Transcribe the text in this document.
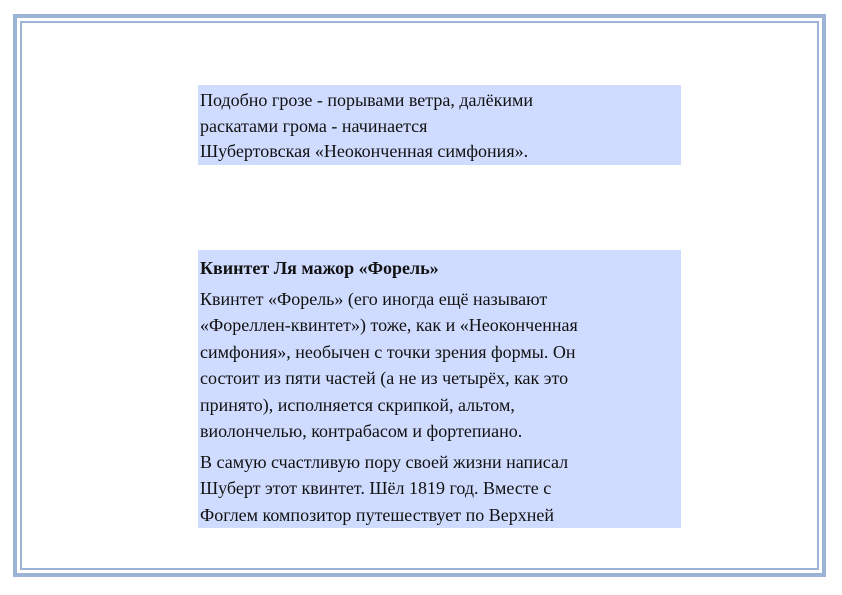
Подобно грозе - порывами ветра, далёкими
раскатами грома - начинается
Шубертовская «Неоконченная симфония».
Квинтет Ля мажор «Форель»

Квинтет «Форель» (его иногда ещё называют
«Фореллен-квинтет») тоже, как и «Неоконченная
симфония», необычен с точки зрения формы. Он
состоит из пяти частей (а не из четырёх, как это
принято), исполняется скрипкой, альтом,
виолончелью, контрабасом и фортепиано.

В самую счастливую пору своей жизни написал
Шуберт этот квинтет. Шёл 1819 год. Вместе с
Фоглем композитор путешествует по Верхней
